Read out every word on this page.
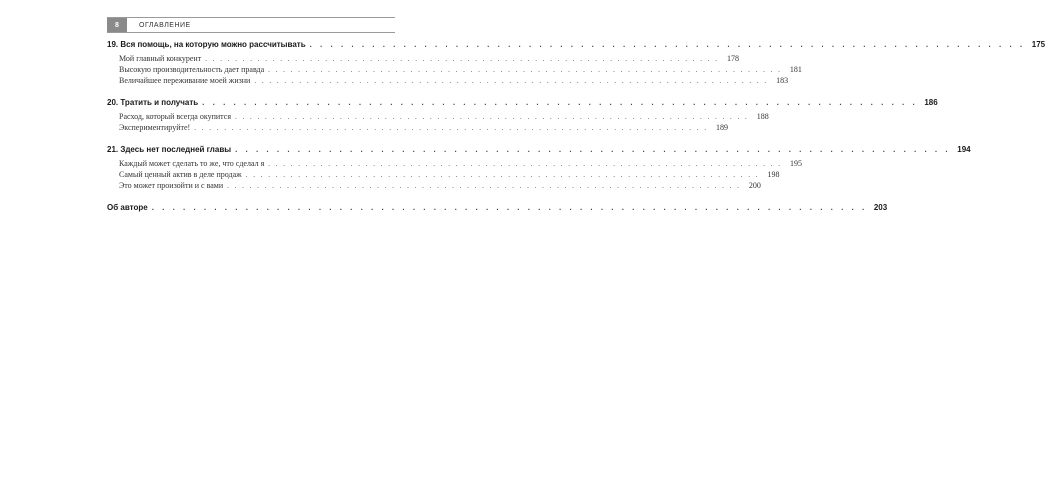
8	ОГЛАВЛЕНИЕ
19. Вся помощь, на которую можно рассчитывать . . . . . . . . . . . . . . . . . . . . . . . . . . . . . . . . . . . . . . . . . . . . . . . . . . . . . . . . . . . . . . . . . . . . . 175
Мой главный конкурент . . . . . . . . . . . . . . . . . . . . . . . . . . . . . . . . . . . . . . . . . . . . . . . . . . . . . . . . . . . . . . . . . . . . .	178
Высокую производительность дает правда . . . . . . . . . . . . . . . . . . . . . . . . . . . . . . . . . . . . . . . . . . . . . . . . . . . . . . . . . . . . . . . . . . . . .	181
Величайшее переживание моей жизни . . . . . . . . . . . . . . . . . . . . . . . . . . . . . . . . . . . . . . . . . . . . . . . . . . . . . . . . . . . . . . . . . . . . .	183
20. Тратить и получать . . . . . . . . . . . . . . . . . . . . . . . . . . . . . . . . . . . . . . . . . . . . . . . . . . . . . . . . . . . . . . . . . . . . . 186
Расход, который всегда окупится . . . . . . . . . . . . . . . . . . . . . . . . . . . . . . . . . . . . . . . . . . . . . . . . . . . . . . . . . . . . . . . . . . . . .	188
Экспериментируйте! . . . . . . . . . . . . . . . . . . . . . . . . . . . . . . . . . . . . . . . . . . . . . . . . . . . . . . . . . . . . . . . . . . . . .	189
21. Здесь нет последней главы . . . . . . . . . . . . . . . . . . . . . . . . . . . . . . . . . . . . . . . . . . . . . . . . . . . . . . . . . . . . . . . . . . . . . 194
Каждый может сделать то же, что сделал я . . . . . . . . . . . . . . . . . . . . . . . . . . . . . . . . . . . . . . . . . . . . . . . . . . . . . . . . . . . . . . . . . . . . .	195
Самый ценный актив в деле продаж . . . . . . . . . . . . . . . . . . . . . . . . . . . . . . . . . . . . . . . . . . . . . . . . . . . . . . . . . . . . . . . . . . . . .	198
Это может произойти и с вами . . . . . . . . . . . . . . . . . . . . . . . . . . . . . . . . . . . . . . . . . . . . . . . . . . . . . . . . . . . . . . . . . . . . .	200
Об авторе . . . . . . . . . . . . . . . . . . . . . . . . . . . . . . . . . . . . . . . . . . . . . . . . . . . . . . . . . . . . . . . . . . . . . 203
